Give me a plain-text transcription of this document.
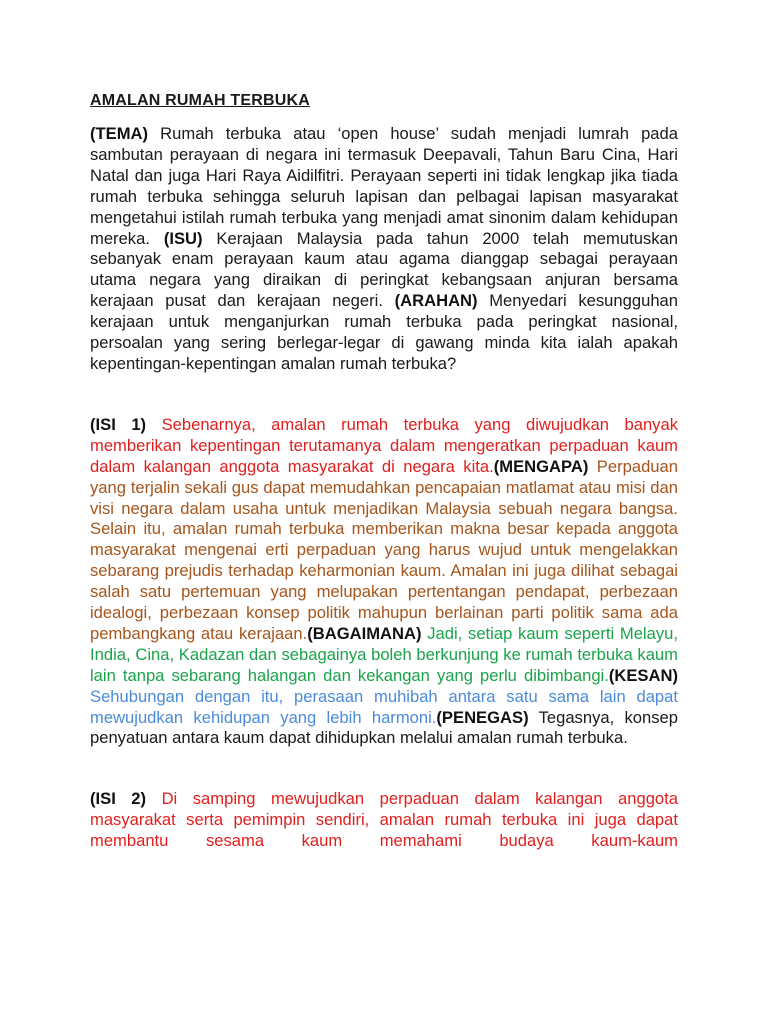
AMALAN RUMAH TERBUKA

(TEMA) Rumah terbuka atau ‘open house’ sudah menjadi lumrah pada sambutan perayaan di negara ini termasuk Deepavali, Tahun Baru Cina, Hari Natal dan juga Hari Raya Aidilfitri. Perayaan seperti ini tidak lengkap jika tiada rumah terbuka sehingga seluruh lapisan dan pelbagai lapisan masyarakat mengetahui istilah rumah terbuka yang menjadi amat sinonim dalam kehidupan mereka. (ISU) Kerajaan Malaysia pada tahun 2000 telah memutuskan sebanyak enam perayaan kaum atau agama dianggap sebagai perayaan utama negara yang diraikan di peringkat kebangsaan anjuran bersama kerajaan pusat dan kerajaan negeri. (ARAHAN) Menyedari kesungguhan kerajaan untuk menganjurkan rumah terbuka pada peringkat nasional, persoalan yang sering berlegar-legar di gawang minda kita ialah apakah kepentingan-kepentingan amalan rumah terbuka?

(ISI 1) Sebenarnya, amalan rumah terbuka yang diwujudkan banyak memberikan kepentingan terutamanya dalam mengeratkan perpaduan kaum dalam kalangan anggota masyarakat di negara kita.(MENGAPA) Perpaduan yang terjalin sekali gus dapat memudahkan pencapaian matlamat atau misi dan visi negara dalam usaha untuk menjadikan Malaysia sebuah negara bangsa. Selain itu, amalan rumah terbuka memberikan makna besar kepada anggota masyarakat mengenai erti perpaduan yang harus wujud untuk mengelakkan sebarang prejudis terhadap keharmonian kaum. Amalan ini juga dilihat sebagai salah satu pertemuan yang melupakan pertentangan pendapat, perbezaan idealogi, perbezaan konsep politik mahupun berlainan parti politik sama ada pembangkang atau kerajaan.(BAGAIMANA) Jadi, setiap kaum seperti Melayu, India, Cina, Kadazan dan sebagainya boleh berkunjung ke rumah terbuka kaum lain tanpa sebarang halangan dan kekangan yang perlu dibimbangi.(KESAN) Sehubungan dengan itu, perasaan muhibah antara satu sama lain dapat mewujudkan kehidupan yang lebih harmoni.(PENEGAS) Tegasnya, konsep penyatuan antara kaum dapat dihidupkan melalui amalan rumah terbuka.

(ISI 2) Di samping mewujudkan perpaduan dalam kalangan anggota masyarakat serta pemimpin sendiri, amalan rumah terbuka ini juga dapat membantu sesama kaum memahami budaya kaum-kaum
